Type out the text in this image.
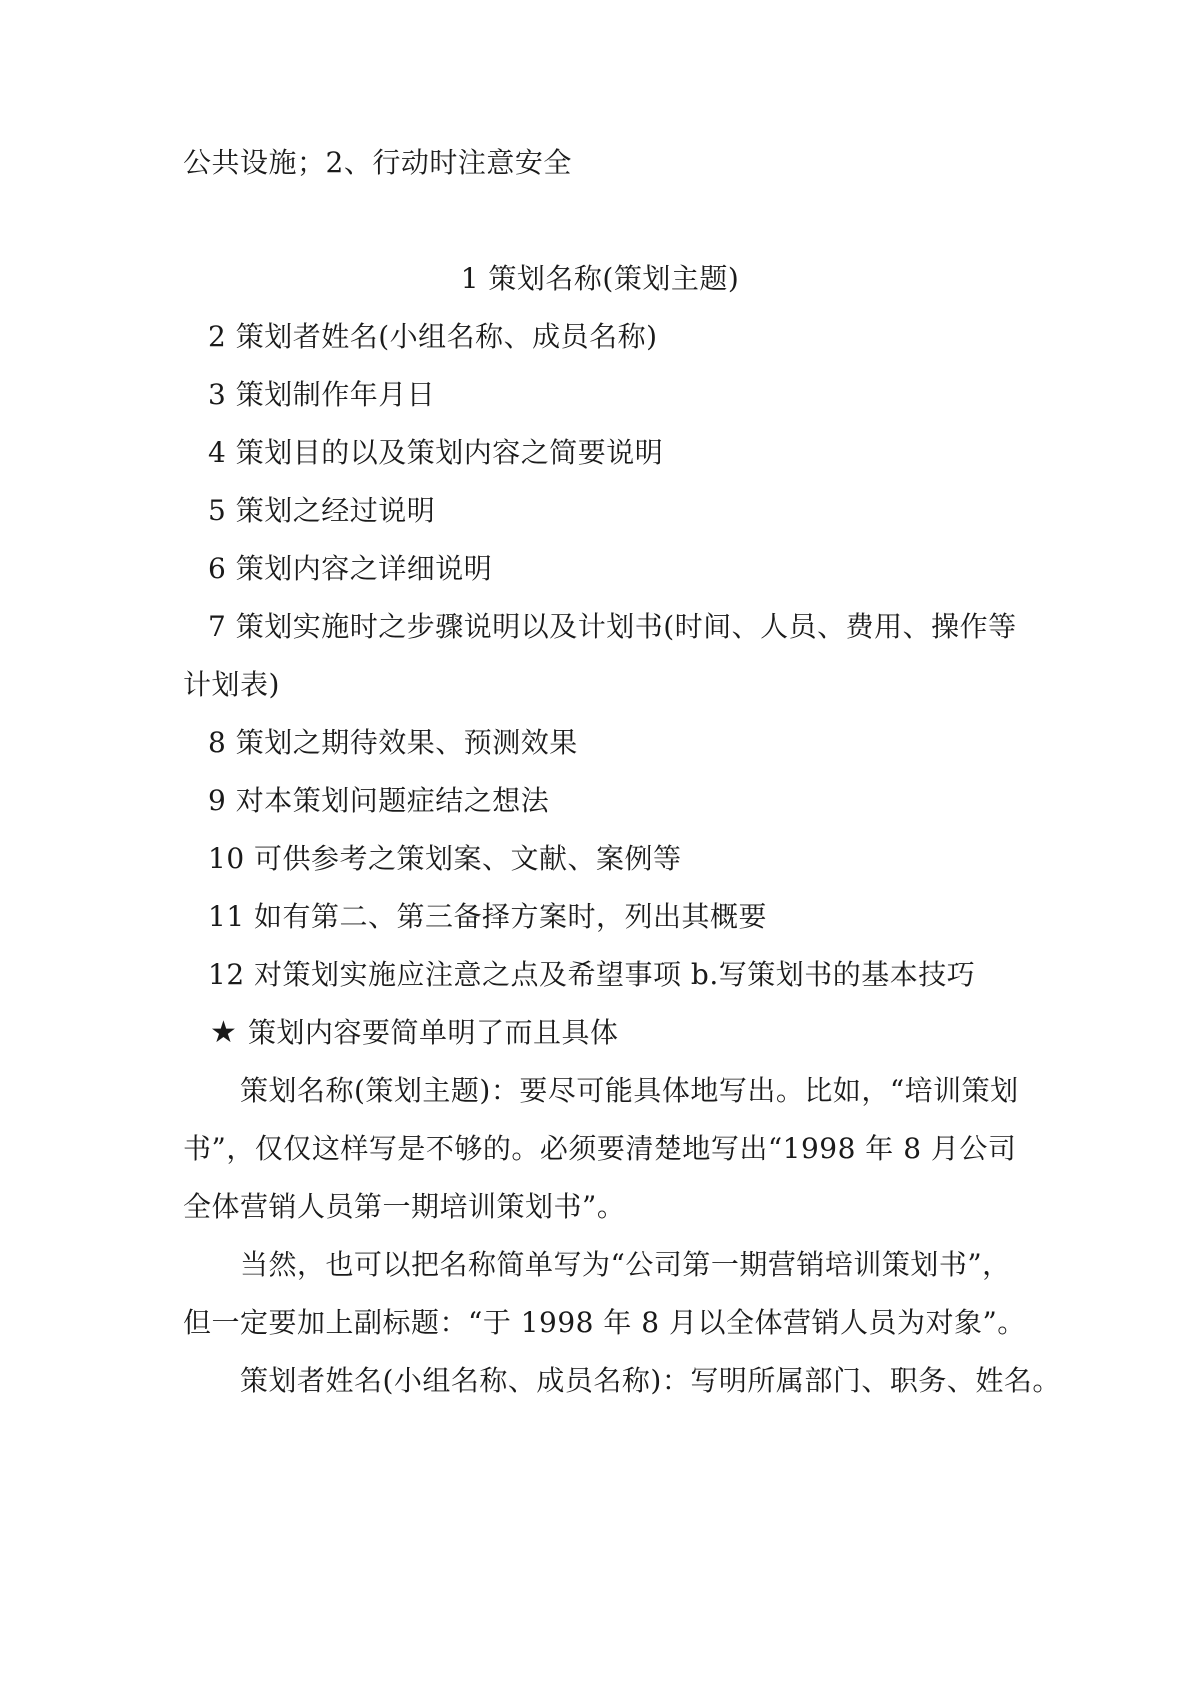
公共设施；2、行动时注意安全
1 策划名称(策划主题)
2 策划者姓名(小组名称、成员名称)
3 策划制作年月日
4 策划目的以及策划内容之简要说明
5 策划之经过说明
6 策划内容之详细说明
7 策划实施时之步骤说明以及计划书(时间、人员、费用、操作等
计划表)
8 策划之期待效果、预测效果
9 对本策划问题症结之想法
10 可供参考之策划案、文献、案例等
11 如有第二、第三备择方案时，列出其概要
12 对策划实施应注意之点及希望事项 b.写策划书的基本技巧
★ 策划内容要简单明了而且具体
策划名称(策划主题)：要尽可能具体地写出。比如，“培训策划
书”，仅仅这样写是不够的。必须要清楚地写出“1998 年 8 月公司
全体营销人员第一期培训策划书”。
当然，也可以把名称简单写为“公司第一期营销培训策划书”，
但一定要加上副标题：“于 1998 年 8 月以全体营销人员为对象”。
策划者姓名(小组名称、成员名称)：写明所属部门、职务、姓名。
